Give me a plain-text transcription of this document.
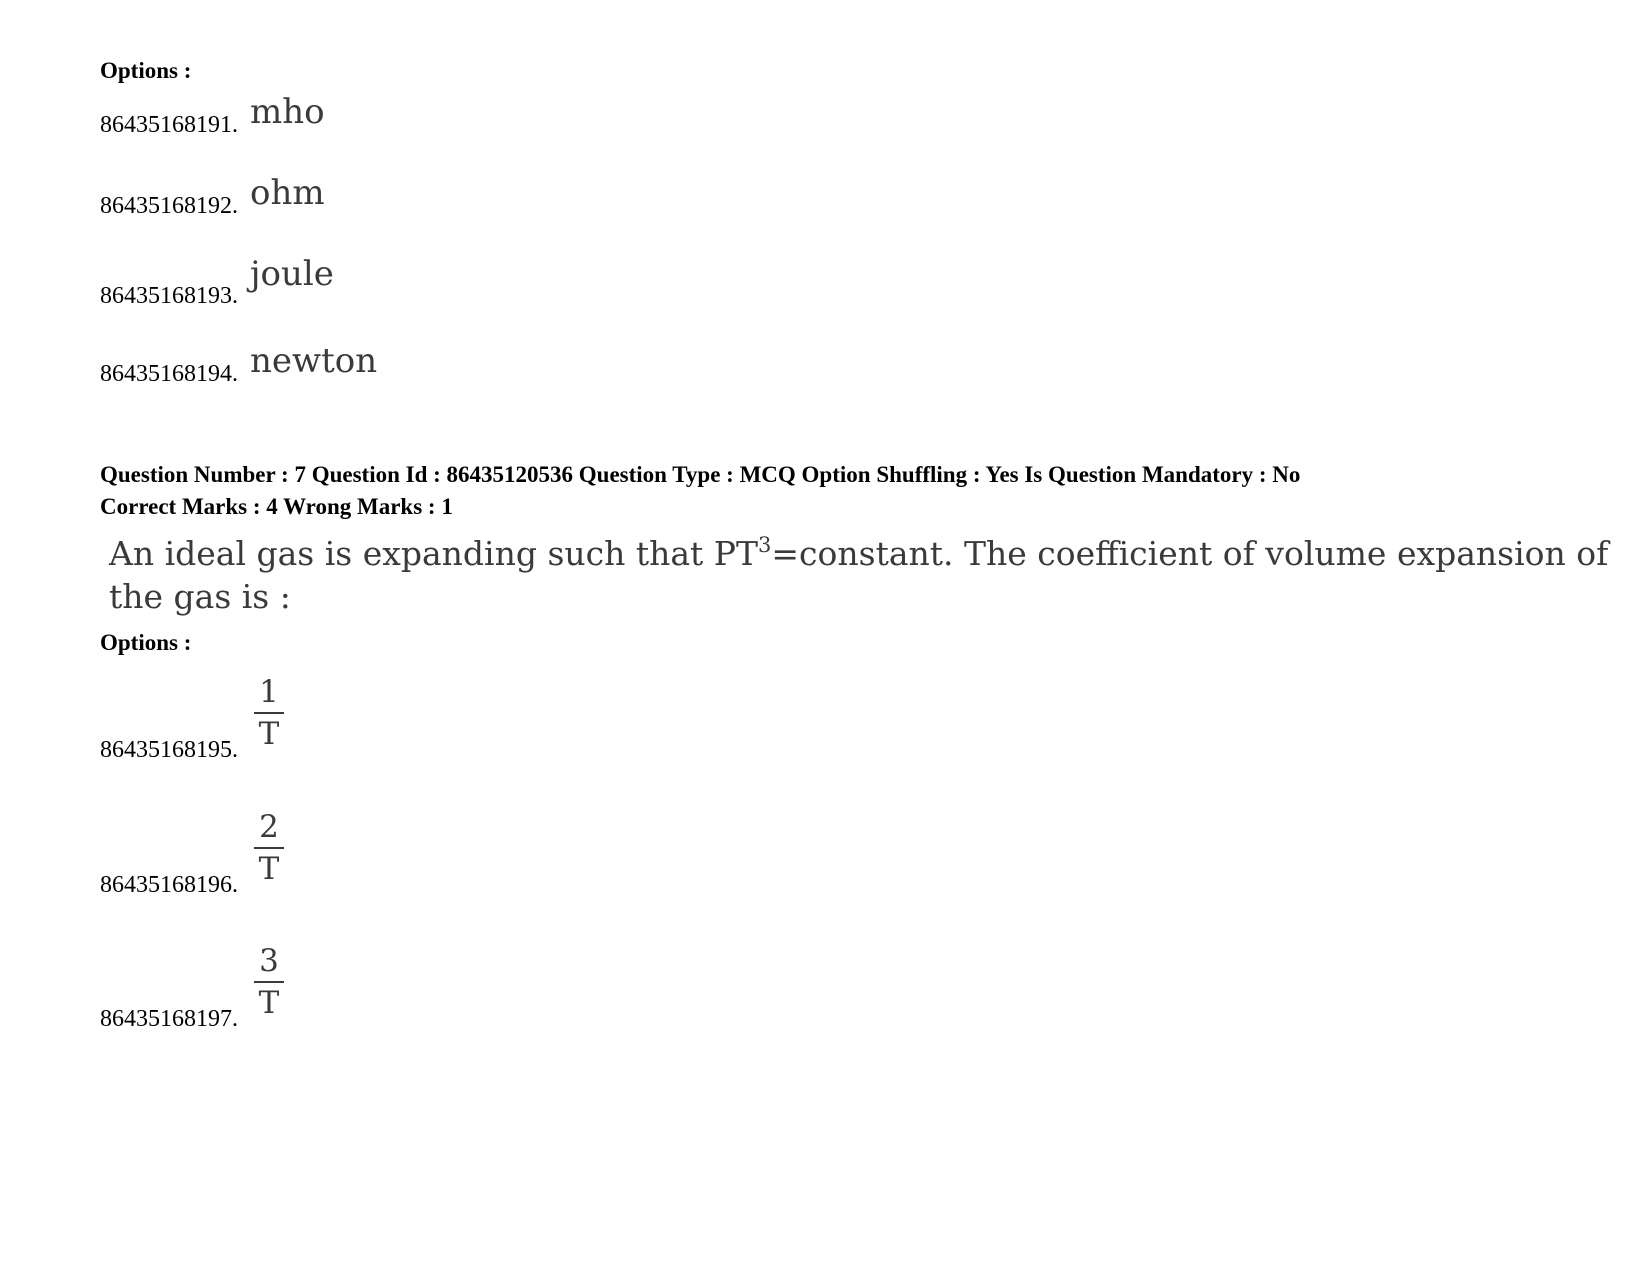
Options :
86435168191. mho
86435168192. ohm
86435168193.
joule
86435168194. newton
Question Number : 7 Question Id : 86435120536 Question Type : MCQ Option Shuffling : Yes Is Question Mandatory : No
Correct Marks : 4 Wrong Marks : 1
An ideal gas is expanding such that $PT^3=constant$. The coefficient of volume expansion of
the gas is :
Options :
86435168195.
1
T
86435168196.
2
T
86435168197.
3
T
